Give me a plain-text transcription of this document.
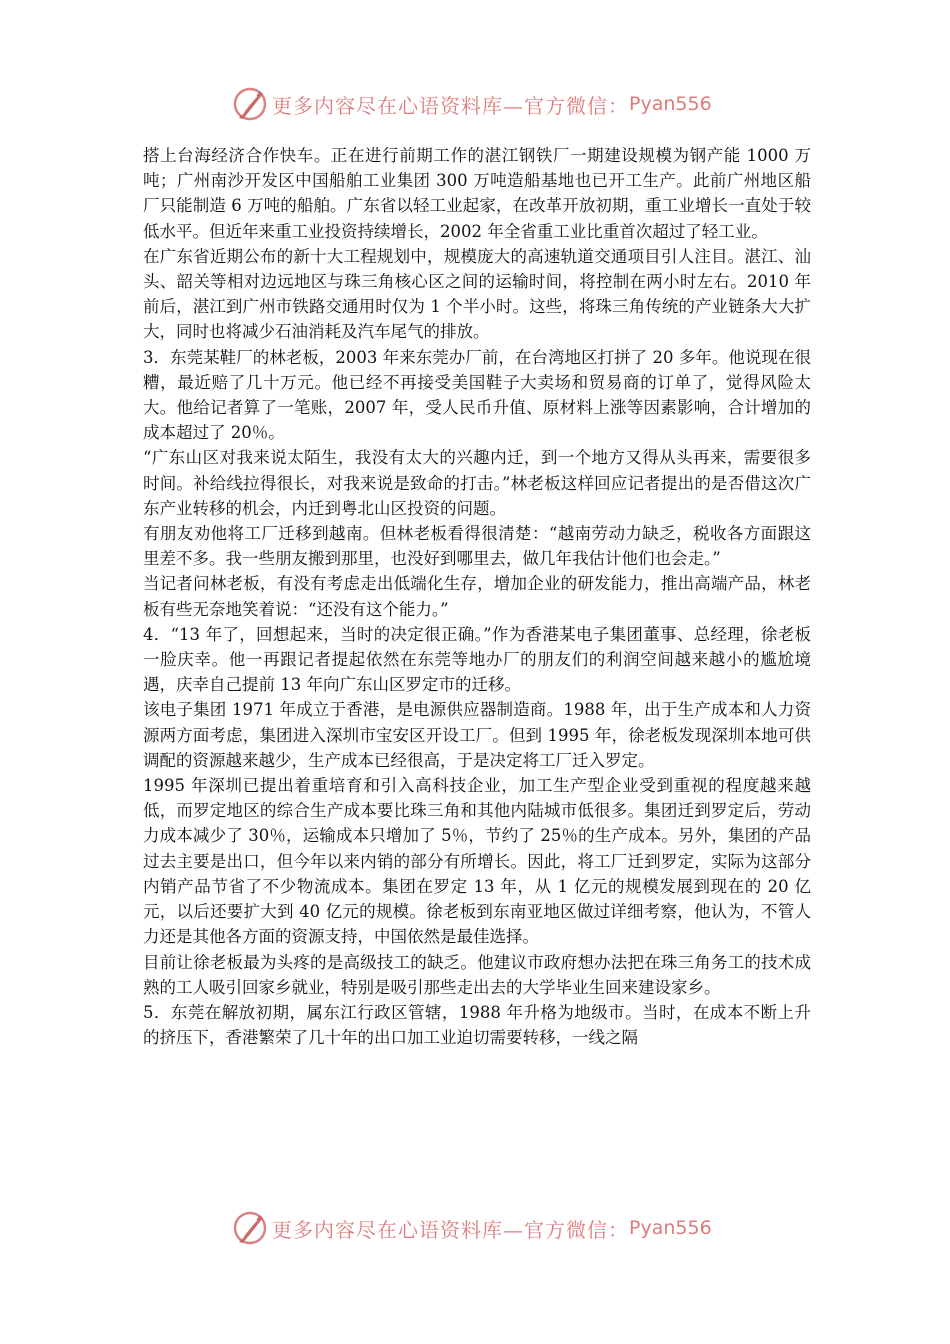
更多内容尽在心语资料库—官方微信： Pyan556

搭上台海经济合作快车。正在进行前期工作的湛江钢铁厂一期建设规模为钢产能 1000 万吨；广州南沙开发区中国船舶工业集团 300 万吨造船基地也已开工生产。此前广州地区船厂只能制造 6 万吨的船舶。广东省以轻工业起家，在改革开放初期，重工业增长一直处于较低水平。但近年来重工业投资持续增长，2002 年全省重工业比重首次超过了轻工业。

在广东省近期公布的新十大工程规划中，规模庞大的高速轨道交通项目引人注目。湛江、汕头、韶关等相对边远地区与珠三角核心区之间的运输时间，将控制在两小时左右。2010 年前后，湛江到广州市铁路交通用时仅为 1 个半小时。这些，将珠三角传统的产业链条大大扩大，同时也将减少石油消耗及汽车尾气的排放。

3．东莞某鞋厂的林老板，2003 年来东莞办厂前，在台湾地区打拼了 20 多年。他说现在很糟，最近赔了几十万元。他已经不再接受美国鞋子大卖场和贸易商的订单了，觉得风险太大。他给记者算了一笔账，2007 年，受人民币升值、原材料上涨等因素影响，合计增加的成本超过了 20％。

“广东山区对我来说太陌生，我没有太大的兴趣内迁，到一个地方又得从头再来，需要很多时间。补给线拉得很长，对我来说是致命的打击。”林老板这样回应记者提出的是否借这次广东产业转移的机会，内迁到粤北山区投资的问题。

有朋友劝他将工厂迁移到越南。但林老板看得很清楚：“越南劳动力缺乏，税收各方面跟这里差不多。我一些朋友搬到那里，也没好到哪里去，做几年我估计他们也会走。”

当记者问林老板，有没有考虑走出低端化生存，增加企业的研发能力，推出高端产品，林老板有些无奈地笑着说：“还没有这个能力。”

4．“13 年了，回想起来，当时的决定很正确。”作为香港某电子集团董事、总经理，徐老板一脸庆幸。他一再跟记者提起依然在东莞等地办厂的朋友们的利润空间越来越小的尴尬境遇，庆幸自己提前 13 年向广东山区罗定市的迁移。

该电子集团 1971 年成立于香港，是电源供应器制造商。1988 年，出于生产成本和人力资源两方面考虑，集团进入深圳市宝安区开设工厂。但到 1995 年，徐老板发现深圳本地可供调配的资源越来越少，生产成本已经很高，于是决定将工厂迁入罗定。

1995 年深圳已提出着重培育和引入高科技企业，加工生产型企业受到重视的程度越来越低，而罗定地区的综合生产成本要比珠三角和其他内陆城市低很多。集团迁到罗定后，劳动力成本减少了 30％，运输成本只增加了 5％，节约了 25％的生产成本。另外，集团的产品过去主要是出口，但今年以来内销的部分有所增长。因此，将工厂迁到罗定，实际为这部分内销产品节省了不少物流成本。集团在罗定 13 年，从 1 亿元的规模发展到现在的 20 亿元，以后还要扩大到 40 亿元的规模。徐老板到东南亚地区做过详细考察，他认为，不管人力还是其他各方面的资源支持，中国依然是最佳选择。

目前让徐老板最为头疼的是高级技工的缺乏。他建议市政府想办法把在珠三角务工的技术成熟的工人吸引回家乡就业，特别是吸引那些走出去的大学毕业生回来建设家乡。

5．东莞在解放初期，属东江行政区管辖，1988 年升格为地级市。当时，在成本不断上升的挤压下，香港繁荣了几十年的出口加工业迫切需要转移，一线之隔

更多内容尽在心语资料库—官方微信： Pyan556
